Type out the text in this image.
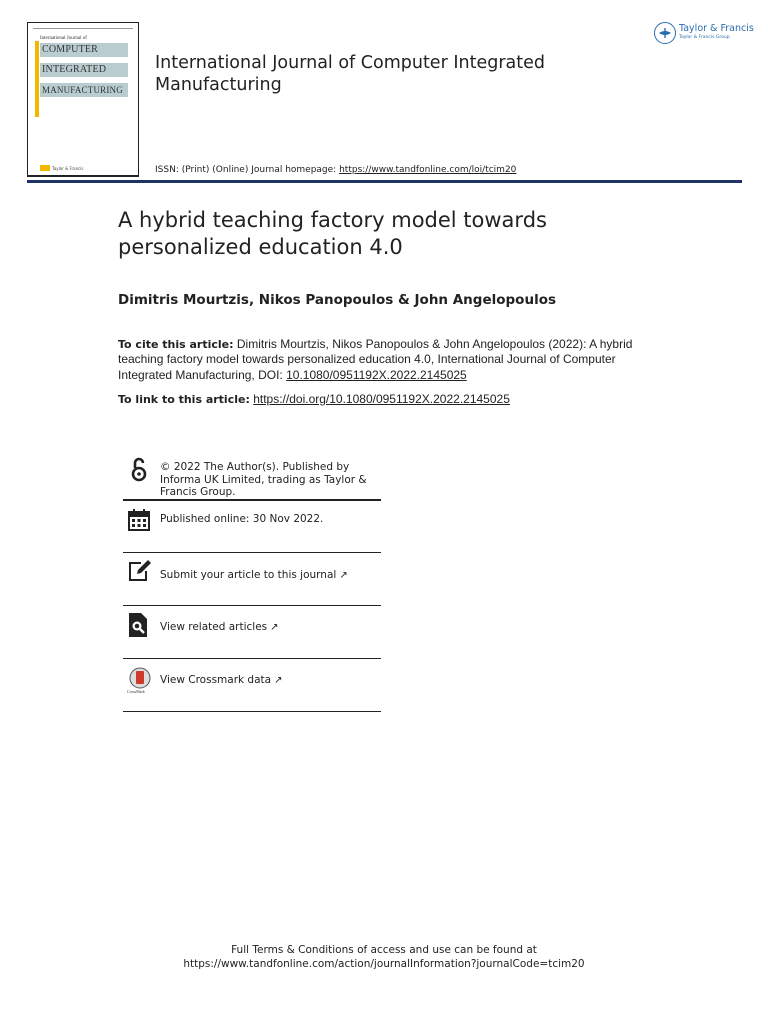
International Journal of
COMPUTER
INTEGRATED
MANUFACTURING
Taylor & Francis
International Journal of Computer Integrated Manufacturing
ISSN: (Print) (Online) Journal homepage: https://www.tandfonline.com/loi/tcim20
Taylor & Francis
Taylor & Francis Group
A hybrid teaching factory model towards personalized education 4.0
Dimitris Mourtzis, Nikos Panopoulos & John Angelopoulos
To cite this article: Dimitris Mourtzis, Nikos Panopoulos & John Angelopoulos (2022): A hybrid teaching factory model towards personalized education 4.0, International Journal of Computer Integrated Manufacturing, DOI: 10.1080/0951192X.2022.2145025
To link to this article: https://doi.org/10.1080/0951192X.2022.2145025
© 2022 The Author(s). Published by Informa UK Limited, trading as Taylor & Francis Group.
Published online: 30 Nov 2022.
Submit your article to this journal ↗
View related articles ↗
CrossMark
View Crossmark data ↗
Full Terms & Conditions of access and use can be found at
https://www.tandfonline.com/action/journalInformation?journalCode=tcim20
